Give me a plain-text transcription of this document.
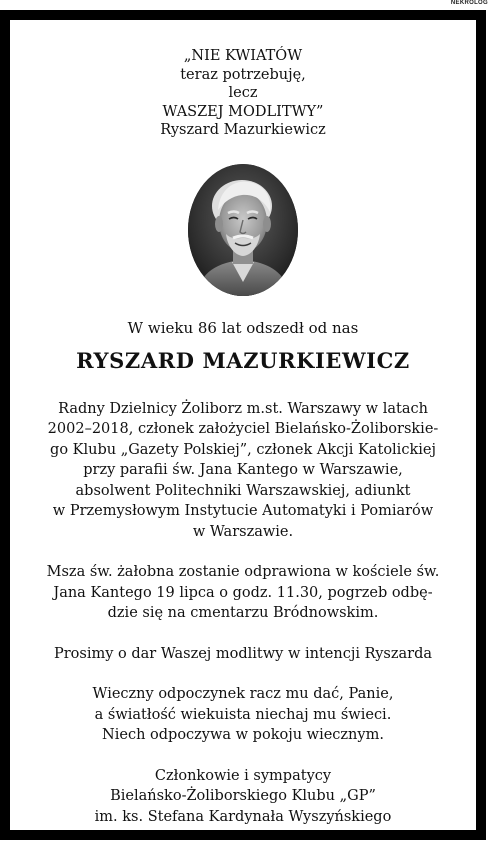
NEKROLOG
„NIE KWIATÓW
teraz potrzebuję,
lecz
WASZEJ MODLITWY”
Ryszard Mazurkiewicz
W wieku 86 lat odszedł od nas
RYSZARD MAZURKIEWICZ
Radny Dzielnicy Żoliborz m.st. Warszawy w latach
2002–2018, członek założyciel Bielańsko-Żoliborskie-
go Klubu „Gazety Polskiej”, członek Akcji Katolickiej
przy parafii św. Jana Kantego w Warszawie,
absolwent Politechniki Warszawskiej, adiunkt
w Przemysłowym Instytucie Automatyki i Pomiarów
w Warszawie.
Msza św. żałobna zostanie odprawiona w kościele św.
Jana Kantego 19 lipca o godz. 11.30, pogrzeb odbę-
dzie się na cmentarzu Bródnowskim.
Prosimy o dar Waszej modlitwy w intencji Ryszarda
Wieczny odpoczynek racz mu dać, Panie,
a światłość wiekuista niechaj mu świeci.
Niech odpoczywa w pokoju wiecznym.
Członkowie i sympatycy
Bielańsko-Żoliborskiego Klubu „GP”
im. ks. Stefana Kardynała Wyszyńskiego
